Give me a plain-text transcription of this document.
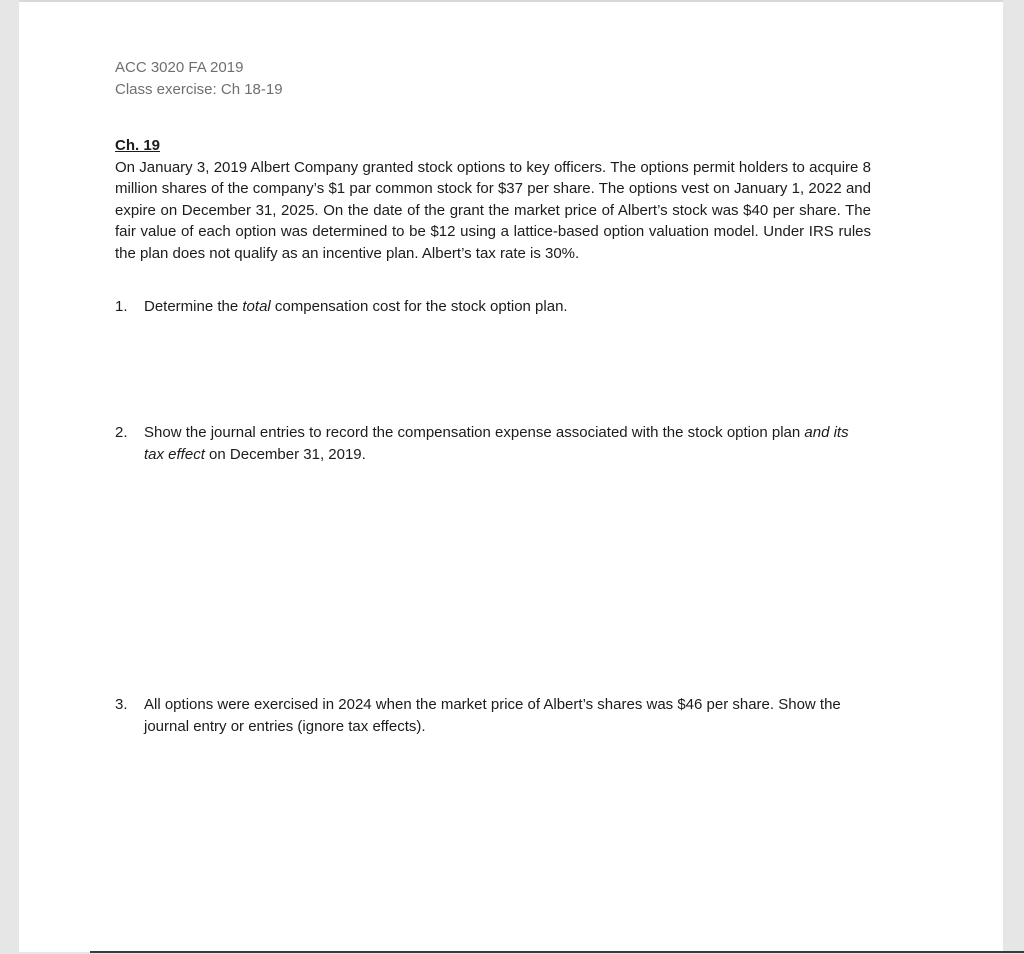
ACC 3020 FA 2019
Class exercise: Ch 18-19
Ch. 19

On January 3, 2019 Albert Company granted stock options to key officers. The options permit holders to acquire 8 million shares of the company’s $1 par common stock for $37 per share. The options vest on January 1, 2022 and expire on December 31, 2025. On the date of the grant the market price of Albert’s stock was $40 per share. The fair value of each option was determined to be $12 using a lattice-based option valuation model. Under IRS rules the plan does not qualify as an incentive plan. Albert’s tax rate is 30%.

1.	Determine the total compensation cost for the stock option plan.
2.	Show the journal entries to record the compensation expense associated with the stock option plan and its tax effect on December 31, 2019.
3.	All options were exercised in 2024 when the market price of Albert’s shares was $46 per share. Show the journal entry or entries (ignore tax effects).
